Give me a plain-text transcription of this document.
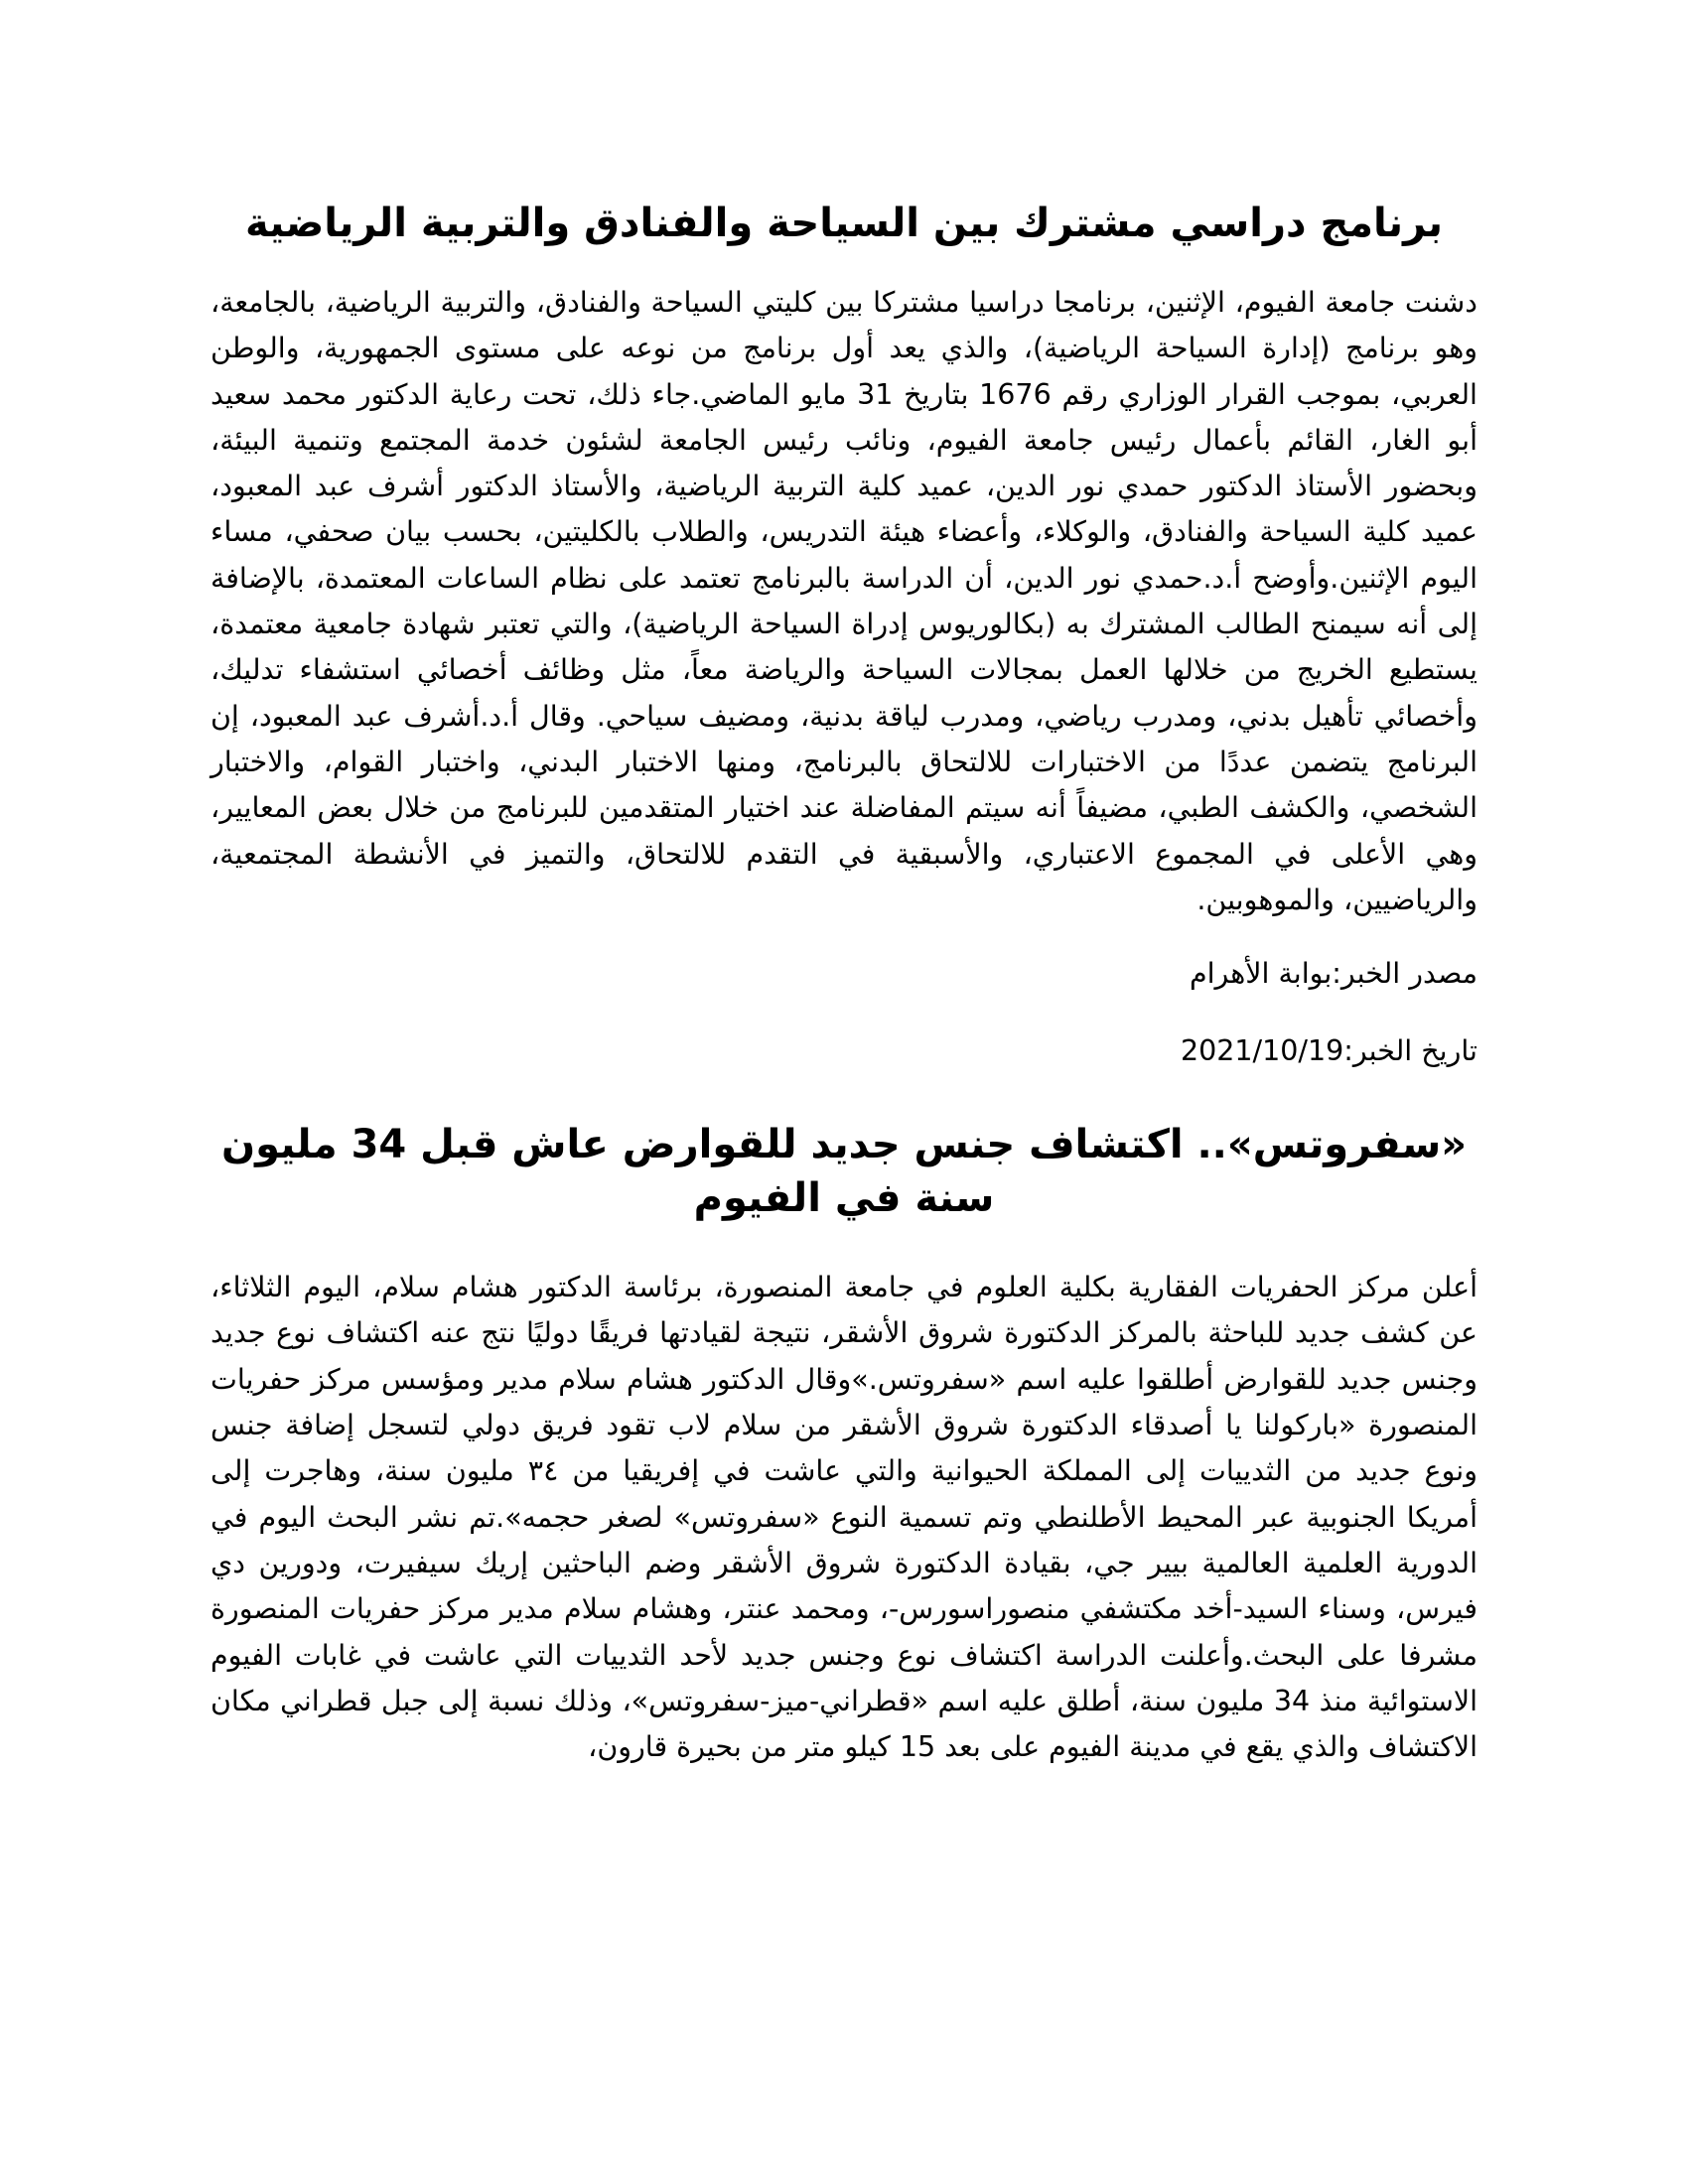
برنامج دراسي مشترك بين السياحة والفنادق والتربية الرياضية

دشنت جامعة الفيوم، الإثنين، برنامجا دراسيا مشتركا بين كليتي السياحة والفنادق، والتربية الرياضية، بالجامعة، وهو برنامج (إدارة السياحة الرياضية)، والذي يعد أول برنامج من نوعه على مستوى الجمهورية، والوطن العربي، بموجب القرار الوزاري رقم 1676 بتاريخ 31 مايو الماضي.جاء ذلك، تحت رعاية الدكتور محمد سعيد أبو الغار، القائم بأعمال رئيس جامعة الفيوم، ونائب رئيس الجامعة لشئون خدمة المجتمع وتنمية البيئة، وبحضور الأستاذ الدكتور حمدي نور الدين، عميد كلية التربية الرياضية، والأستاذ الدكتور أشرف عبد المعبود، عميد كلية السياحة والفنادق، والوكلاء، وأعضاء هيئة التدريس، والطلاب بالكليتين، بحسب بيان صحفي، مساء اليوم الإثنين.وأوضح أ.د.حمدي نور الدين، أن الدراسة بالبرنامج تعتمد على نظام الساعات المعتمدة، بالإضافة إلى أنه سيمنح الطالب المشترك به (بكالوريوس إدراة السياحة الرياضية)، والتي تعتبر شهادة جامعية معتمدة، يستطيع الخريج من خلالها العمل بمجالات السياحة والرياضة معاً، مثل وظائف أخصائي استشفاء تدليك، وأخصائي تأهيل بدني، ومدرب رياضي، ومدرب لياقة بدنية، ومضيف سياحي. وقال أ.د.أشرف عبد المعبود، إن البرنامج يتضمن عددًا من الاختبارات للالتحاق بالبرنامج، ومنها الاختبار البدني، واختبار القوام، والاختبار الشخصي، والكشف الطبي، مضيفاً أنه سيتم المفاضلة عند اختيار المتقدمين للبرنامج من خلال بعض المعايير، وهي الأعلى في المجموع الاعتباري، والأسبقية في التقدم للالتحاق، والتميز في الأنشطة المجتمعية، والرياضيين، والموهوبين.

مصدر الخبر:بوابة الأهرام

تاريخ الخبر:2021/10/19

«سفروتس».. اكتشاف جنس جديد للقوارض عاش قبل 34 مليون سنة في الفيوم

أعلن مركز الحفريات الفقارية بكلية العلوم في جامعة المنصورة، برئاسة الدكتور هشام سلام، اليوم الثلاثاء، عن كشف جديد للباحثة بالمركز الدكتورة شروق الأشقر، نتيجة لقيادتها فريقًا دوليًا نتج عنه اكتشاف نوع جديد وجنس جديد للقوارض أطلقوا عليه اسم «سفروتس.»وقال الدكتور هشام سلام مدير ومؤسس مركز حفريات المنصورة «باركولنا يا أصدقاء الدكتورة شروق الأشقر من سلام لاب تقود فريق دولي لتسجل إضافة جنس ونوع جديد من الثدييات إلى المملكة الحيوانية والتي عاشت في إفريقيا من ٣٤ مليون سنة، وهاجرت إلى أمريكا الجنوبية عبر المحيط الأطلنطي وتم تسمية النوع «سفروتس» لصغر حجمه».تم نشر البحث اليوم في الدورية العلمية العالمية بيير جي، بقيادة الدكتورة شروق الأشقر وضم الباحثين إريك سيفيرت، ودورين دي فيرس، وسناء السيد-أخد مكتشفي منصوراسورس-، ومحمد عنتر، وهشام سلام مدير مركز حفريات المنصورة مشرفا على البحث.وأعلنت الدراسة اكتشاف نوع وجنس جديد لأحد الثدييات التي عاشت في غابات الفيوم الاستوائية منذ 34 مليون سنة، أطلق عليه اسم «قطراني-ميز-سفروتس»، وذلك نسبة إلى جبل قطراني مكان الاكتشاف والذي يقع في مدينة الفيوم على بعد 15 كيلو متر من بحيرة قارون،
